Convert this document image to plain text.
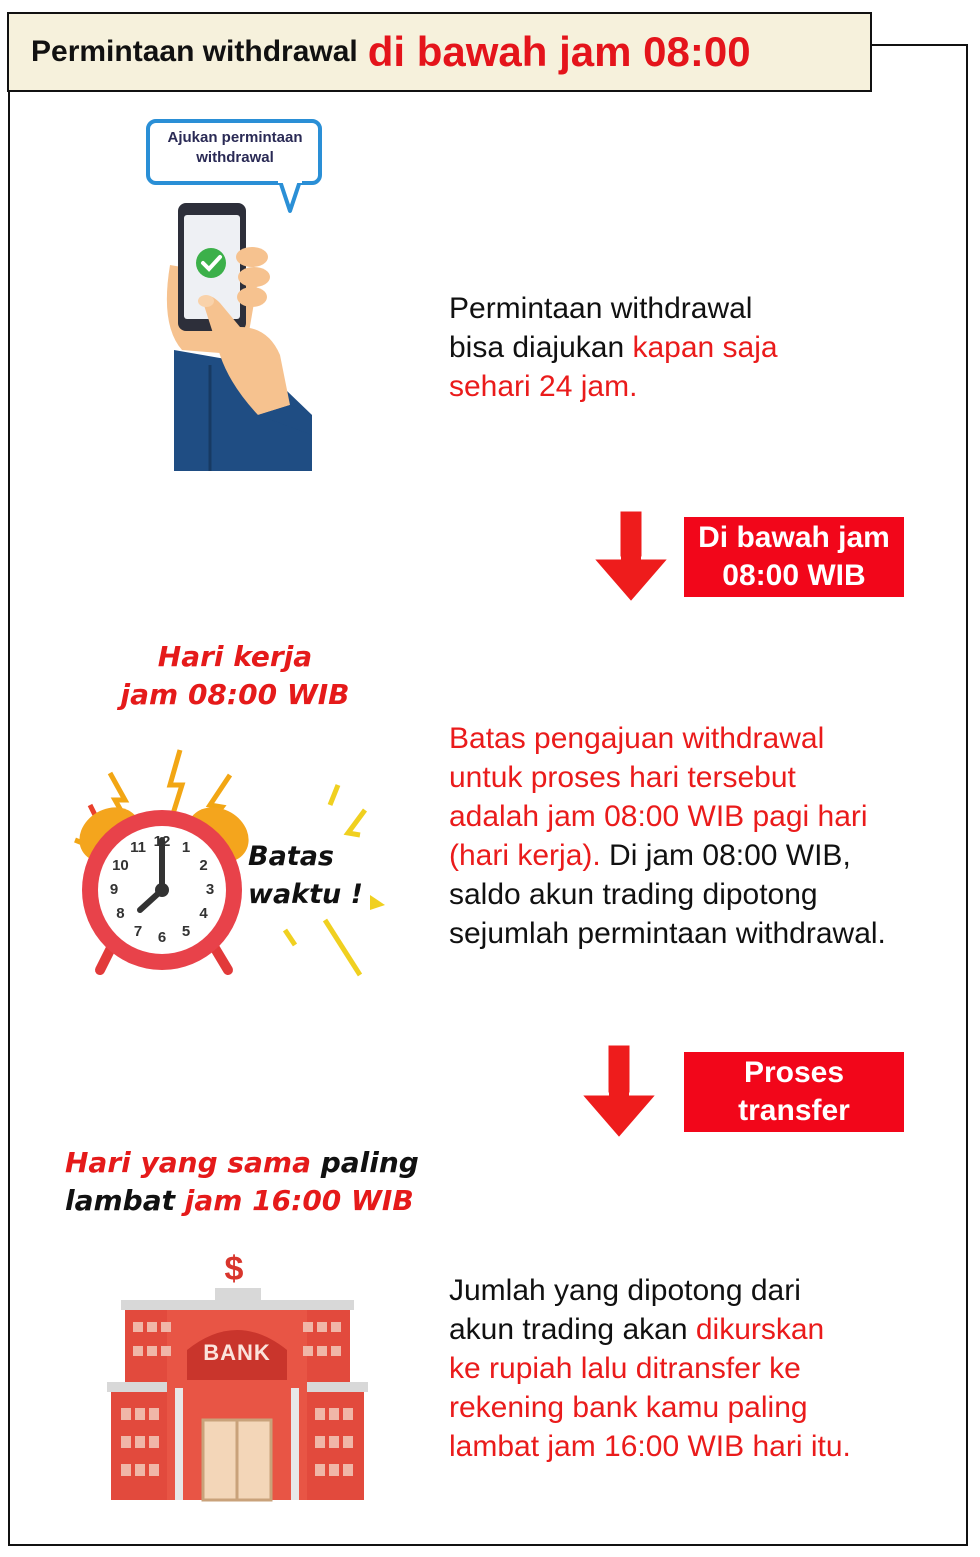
Permintaan withdrawal di bawah jam 08:00
Ajukan permintaan
withdrawal
Permintaan withdrawal
bisa diajukan kapan saja
sehari 24 jam.
Di bawah jam
08:00 WIB
Hari kerja
jam 08:00 WIB
12 1
2
3
4
5
6
7
8
9
10
11	Batas
waktu !
Batas pengajuan withdrawal
untuk proses hari tersebut
adalah jam 08:00 WIB pagi hari
(hari kerja). Di jam 08:00 WIB,
saldo akun trading dipotong
sejumlah permintaan withdrawal.
Proses
transfer
Hari yang sama paling
lambat jam 16:00 WIB
$
BANK
Jumlah yang dipotong dari
akun trading akan dikurskan
ke rupiah lalu ditransfer ke
rekening bank kamu paling
lambat jam 16:00 WIB hari itu.
